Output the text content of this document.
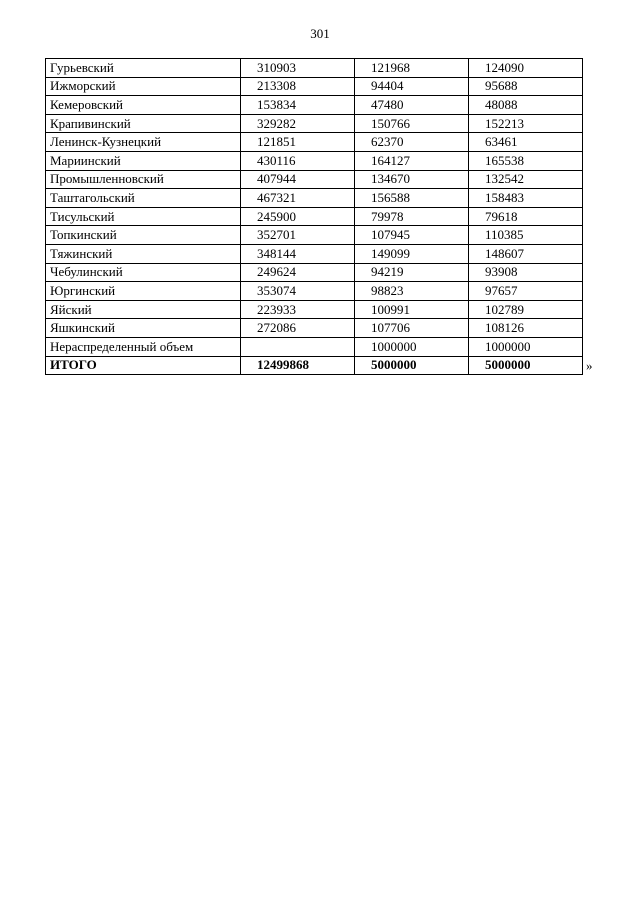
301
Гурьевский	310903	121968	124090
Ижморский	213308	94404	95688
Кемеровский	153834	47480	48088
Крапивинский	329282	150766	152213
Ленинск-Кузнецкий	121851	62370	63461
Мариинский	430116	164127	165538
Промышленновский	407944	134670	132542
Таштагольский	467321	156588	158483
Тисульский	245900	79978	79618
Топкинский	352701	107945	110385
Тяжинский	348144	149099	148607
Чебулинский	249624	94219	93908
Юргинский	353074	98823	97657
Яйский	223933	100991	102789
Яшкинский	272086	107706	108126
Нераспределенный объем		1000000	1000000
ИТОГО	12499868	5000000	5000000	»
